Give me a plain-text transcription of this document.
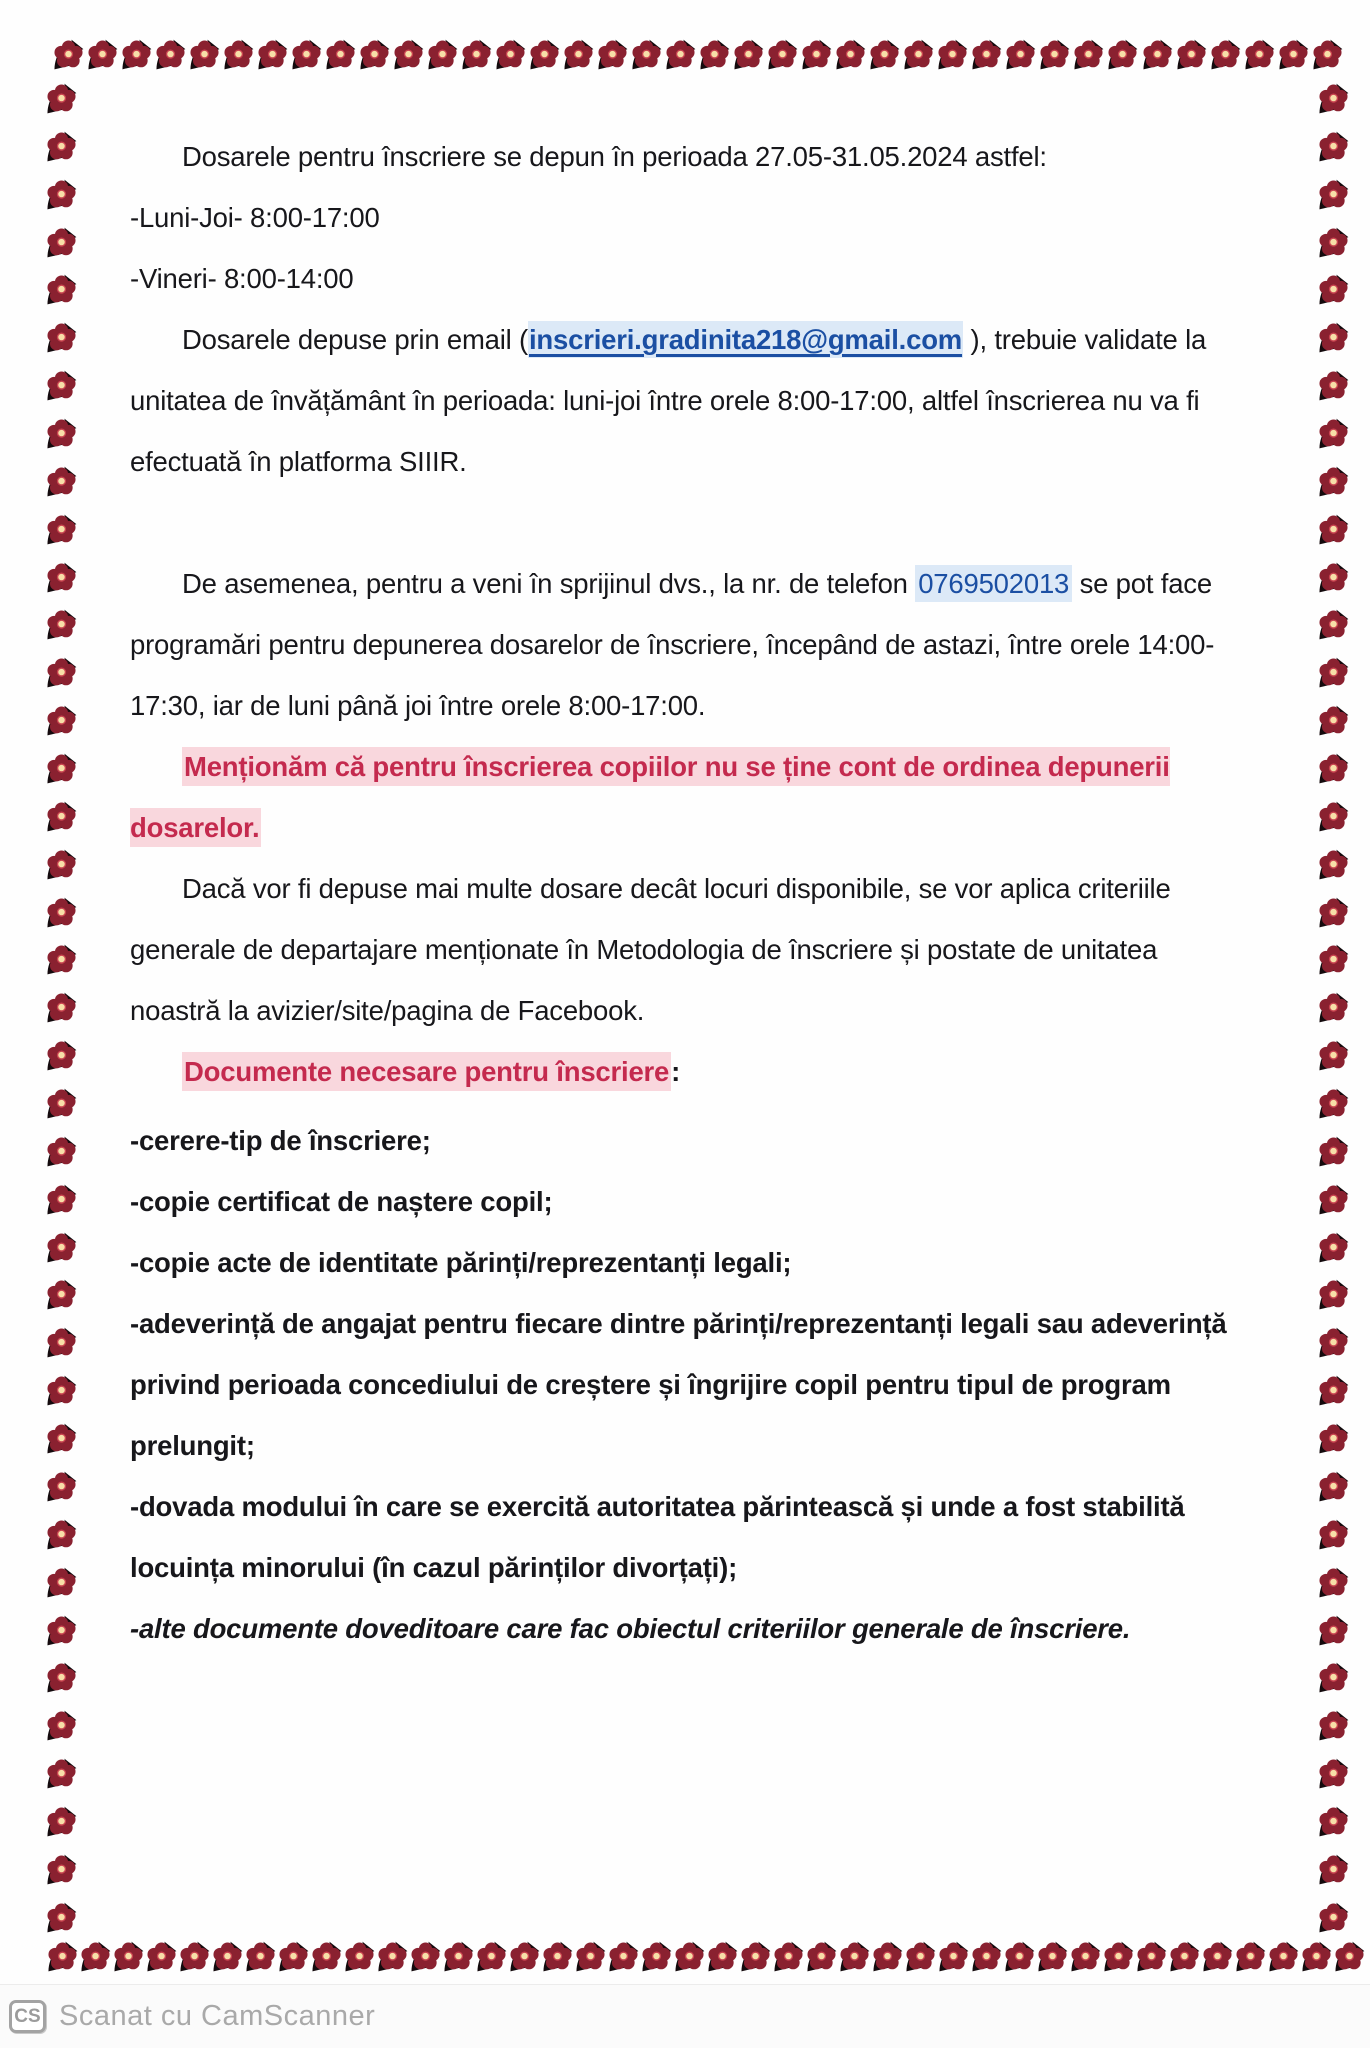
Dosarele pentru înscriere se depun în perioada 27.05-31.05.2024 astfel:

-Luni-Joi- 8:00-17:00

-Vineri- 8:00-14:00

Dosarele depuse prin email (inscrieri.gradinita218@gmail.com ), trebuie validate la unitatea de învățământ în perioada: luni-joi între orele 8:00-17:00, altfel înscrierea nu va fi efectuată în platforma SIIIR.

De asemenea, pentru a veni în sprijinul dvs., la nr. de telefon 0769502013 se pot face programări pentru depunerea dosarelor de înscriere, începând de astazi, între orele 14:00-17:30, iar de luni până joi între orele 8:00-17:00.

Menționăm că pentru înscrierea copiilor nu se ține cont de ordinea depunerii dosarelor.

Dacă vor fi depuse mai multe dosare decât locuri disponibile, se vor aplica criteriile generale de departajare menționate în Metodologia de înscriere și postate de unitatea noastră la avizier/site/pagina de Facebook.

Documente necesare pentru înscriere:

-cerere-tip de înscriere;

-copie certificat de naștere copil;

-copie acte de identitate părinți/reprezentanți legali;

-adeverință de angajat pentru fiecare dintre părinți/reprezentanți legali sau adeverință privind perioada concediului de creștere și îngrijire copil pentru tipul de program prelungit;

-dovada modului în care se exercită autoritatea părintească și unde a fost stabilită locuința minorului (în cazul părinților divorțați);

-alte documente doveditoare care fac obiectul criteriilor generale de înscriere.

CS Scanat cu CamScanner
